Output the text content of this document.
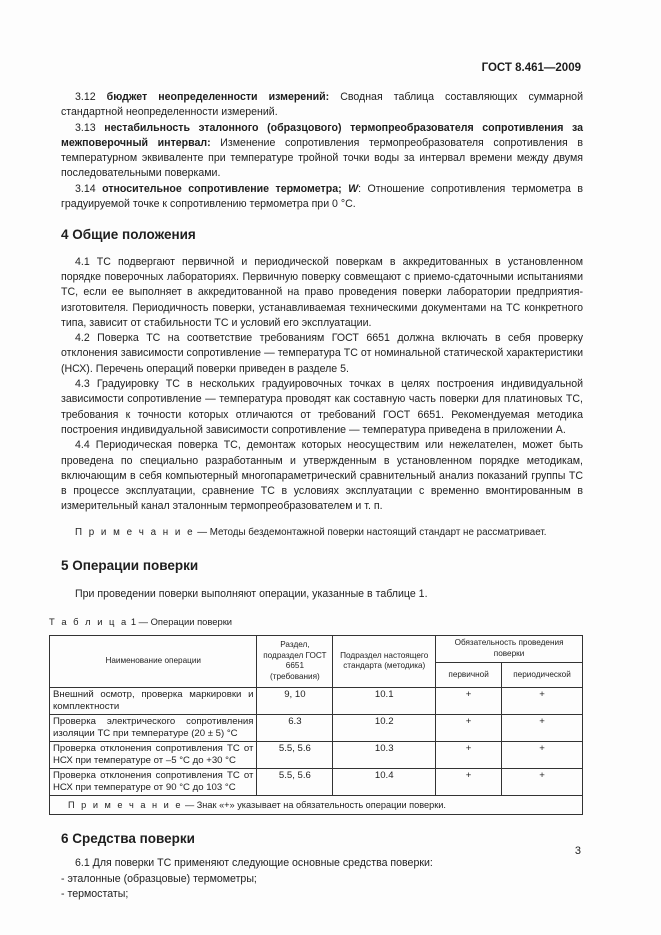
ГОСТ 8.461—2009

3.12 бюджет неопределенности измерений: Сводная таблица составляющих суммарной стандартной неопределенности измерений.

3.13 нестабильность эталонного (образцового) термопреобразователя сопротивления за межповерочный интервал: Изменение сопротивления термопреобразователя сопротивления в температурном эквиваленте при температуре тройной точки воды за интервал времени между двумя последовательными поверками.

3.14 относительное сопротивление термометра; W: Отношение сопротивления термометра в градуируемой точке к сопротивлению термометра при 0 °С.

4 Общие положения

4.1 ТС подвергают первичной и периодической поверкам в аккредитованных в установленном порядке поверочных лабораториях. Первичную поверку совмещают с приемо-сдаточными испытаниями ТС, если ее выполняет в аккредитованной на право проведения поверки лаборатории предприятия-изготовителя. Периодичность поверки, устанавливаемая техническими документами на ТС конкретного типа, зависит от стабильности ТС и условий его эксплуатации.

4.2 Поверка ТС на соответствие требованиям ГОСТ 6651 должна включать в себя проверку отклонения зависимости сопротивление — температура ТС от номинальной статической характеристики (НСХ). Перечень операций поверки приведен в разделе 5.

4.3 Градуировку ТС в нескольких градуировочных точках в целях построения индивидуальной зависимости сопротивление — температура проводят как составную часть поверки для платиновых ТС, требования к точности которых отличаются от требований ГОСТ 6651. Рекомендуемая методика построения индивидуальной зависимости сопротивление — температура приведена в приложении А.

4.4 Периодическая поверка ТС, демонтаж которых неосуществим или нежелателен, может быть проведена по специально разработанным и утвержденным в установленном порядке методикам, включающим в себя компьютерный многопараметрический сравнительный анализ показаний группы ТС в процессе эксплуатации, сравнение ТС в условиях эксплуатации с временно вмонтированным в измерительный канал эталонным термопреобразователем и т. п.

П р и м е ч а н и е — Методы бездемонтажной поверки настоящий стандарт не рассматривает.

5 Операции поверки

При проведении поверки выполняют операции, указанные в таблице 1.

Т а б л и ц а 1 — Операции поверки

Наименование операции	Раздел, подраздел ГОСТ 6651 (требования)	Подраздел настоящего стандарта (методика)	Обязательность проведения поверки	
			первичной	периодической
Внешний осмотр, проверка маркировки и комплектности	9, 10	10.1	+	+
Проверка электрического сопротивления изоляции ТС при температуре (20 ± 5) °С	6.3	10.2	+	+
Проверка отклонения сопротивления ТС от НСХ при температуре от –5 °С до +30 °С	5.5, 5.6	10.3	+	+
Проверка отклонения сопротивления ТС от НСХ при температуре от 90 °С до 103 °С	5.5, 5.6	10.4	+	+
П р и м е ч а н и е — Знак «+» указывает на обязательность операции поверки.				
6 Средства поверки

6.1 Для поверки ТС применяют следующие основные средства поверки:

- эталонные (образцовые) термометры;

- термостаты;

3
